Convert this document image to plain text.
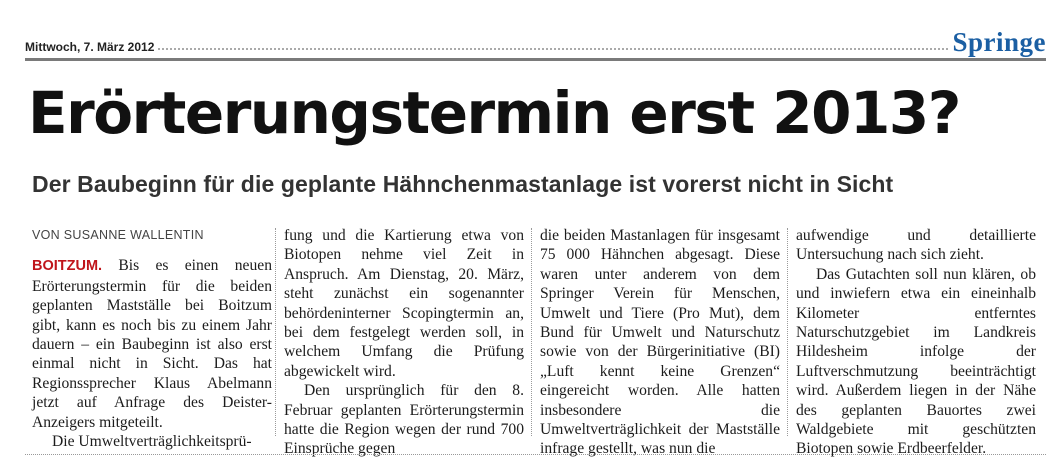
Mittwoch, 7. März 2012	Springe
Erörterungstermin erst 2013?
Der Baubeginn für die geplante Hähnchenmastanlage ist vorerst nicht in Sicht

VON SUSANNE WALLENTIN

BOITZUM. Bis es einen neuen Erörterungstermin für die beiden geplanten Mastställe bei Boitzum gibt, kann es noch bis zu einem Jahr dauern – ein Baubeginn ist also erst einmal nicht in Sicht. Das hat Regionssprecher Klaus Abelmann jetzt auf Anfrage des Deister-Anzeigers mitgeteilt.

Die Umweltverträglichkeitsprü-

fung und die Kartierung etwa von Biotopen nehme viel Zeit in Anspruch. Am Dienstag, 20. März, steht zunächst ein sogenannter behördeninterner Scopingtermin an, bei dem festgelegt werden soll, in welchem Umfang die Prüfung abgewickelt wird.

Den ursprünglich für den 8. Februar geplanten Erörterungstermin hatte die Region wegen der rund 700 Einsprüche gegen

die beiden Mastanlagen für insgesamt 75 000 Hähnchen abgesagt. Diese waren unter anderem von dem Springer Verein für Menschen, Umwelt und Tiere (Pro Mut), dem Bund für Umwelt und Naturschutz sowie von der Bürgerinitiative (BI) „Luft kennt keine Grenzen“ eingereicht worden. Alle hatten insbesondere die Umweltverträglichkeit der Mastställe infrage gestellt, was nun die

aufwendige und detaillierte Untersuchung nach sich zieht.

Das Gutachten soll nun klären, ob und inwiefern etwa ein eineinhalb Kilometer entferntes Naturschutzgebiet im Landkreis Hildesheim infolge der Luftverschmutzung beeinträchtigt wird. Außerdem liegen in der Nähe des geplanten Bauortes zwei Waldgebiete mit geschützten Biotopen sowie Erdbeerfelder.
